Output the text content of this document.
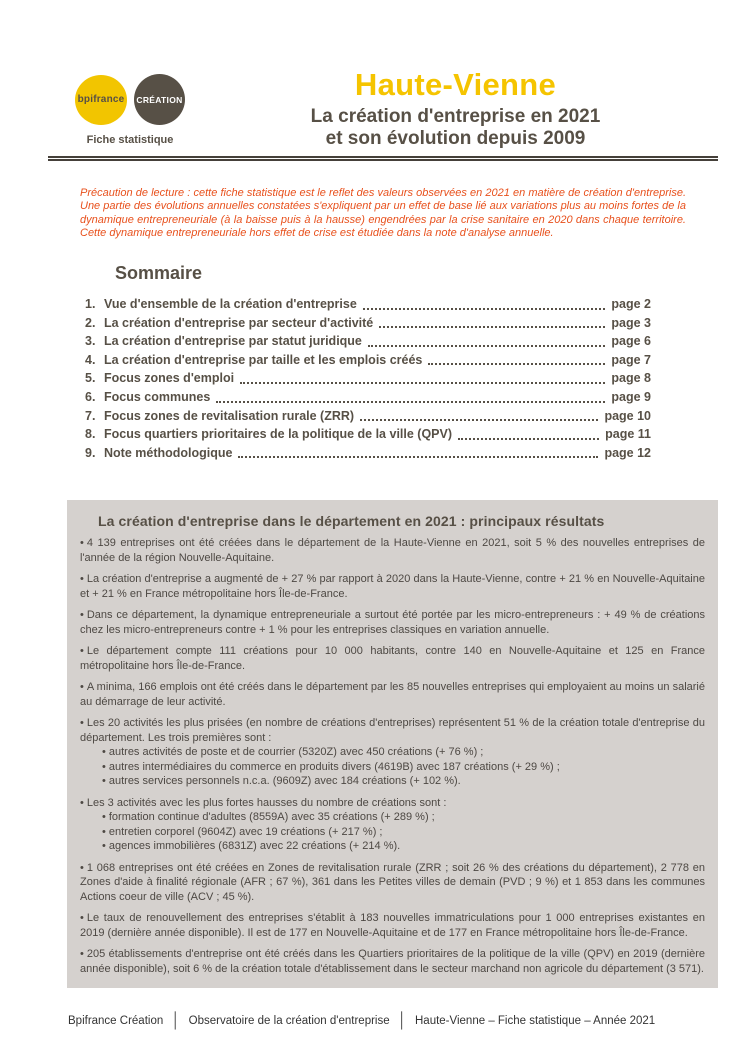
bpifrance CRÉATION
Fiche statistique
Haute-Vienne
La création d'entreprise en 2021
et son évolution depuis 2009

Précaution de lecture : cette fiche statistique est le reflet des valeurs observées en 2021 en matière de création d'entreprise. Une partie des évolutions annuelles constatées s'expliquent par un effet de base lié aux variations plus au moins fortes de la dynamique entrepreneuriale (à la baisse puis à la hausse) engendrées par la crise sanitaire en 2020 dans chaque territoire. Cette dynamique entrepreneuriale hors effet de crise est étudiée dans la note d'analyse annuelle.

Sommaire
1. Vue d'ensemble de la création d'entreprise	page 2
2. La création d'entreprise par secteur d'activité	page 3
3. La création d'entreprise par statut juridique	page 6
4. La création d'entreprise par taille et les emplois créés	page 7
5. Focus zones d'emploi	page 8
6. Focus communes	page 9
7. Focus zones de revitalisation rurale (ZRR)	page 10
8. Focus quartiers prioritaires de la politique de la ville (QPV)	page 11
9. Note méthodologique	page 12
La création d'entreprise dans le département en 2021 : principaux résultats

• 4 139 entreprises ont été créées dans le département de la Haute-Vienne en 2021, soit 5 % des nouvelles entreprises de l'année de la région Nouvelle-Aquitaine.

• La création d'entreprise a augmenté de + 27 % par rapport à 2020 dans la Haute-Vienne, contre + 21 % en Nouvelle-Aquitaine et + 21 % en France métropolitaine hors Île-de-France.

• Dans ce département, la dynamique entrepreneuriale a surtout été portée par les micro-entrepreneurs : + 49 % de créations chez les micro-entrepreneurs contre + 1 % pour les entreprises classiques en variation annuelle.

• Le département compte 111 créations pour 10 000 habitants, contre 140 en Nouvelle-Aquitaine et 125 en France métropolitaine hors Île-de-France.

• A minima, 166 emplois ont été créés dans le département par les 85 nouvelles entreprises qui employaient au moins un salarié au démarrage de leur activité.

• Les 20 activités les plus prisées (en nombre de créations d'entreprises) représentent 51 % de la création totale d'entreprise du département. Les trois premières sont :

• autres activités de poste et de courrier (5320Z) avec 450 créations (+ 76 %) ;

• autres intermédiaires du commerce en produits divers (4619B) avec 187 créations (+ 29 %) ;

• autres services personnels n.c.a. (9609Z) avec 184 créations (+ 102 %).

• Les 3 activités avec les plus fortes hausses du nombre de créations sont :

• formation continue d'adultes (8559A) avec 35 créations (+ 289 %) ;

• entretien corporel (9604Z) avec 19 créations (+ 217 %) ;

• agences immobilières (6831Z) avec 22 créations (+ 214 %).

• 1 068 entreprises ont été créées en Zones de revitalisation rurale (ZRR ; soit 26 % des créations du département), 2 778 en Zones d'aide à finalité régionale (AFR ; 67 %), 361 dans les Petites villes de demain (PVD ; 9 %) et 1 853 dans les communes Actions coeur de ville (ACV ; 45 %).

• Le taux de renouvellement des entreprises s'établit à 183 nouvelles immatriculations pour 1 000 entreprises existantes en 2019 (dernière année disponible). Il est de 177 en Nouvelle-Aquitaine et de 177 en France métropolitaine hors Île-de-France.

• 205 établissements d'entreprise ont été créés dans les Quartiers prioritaires de la politique de la ville (QPV) en 2019 (dernière année disponible), soit 6 % de la création totale d'établissement dans le secteur marchand non agricole du département (3 571).

Bpifrance Création │ Observatoire de la création d'entreprise │ Haute-Vienne – Fiche statistique – Année 2021
